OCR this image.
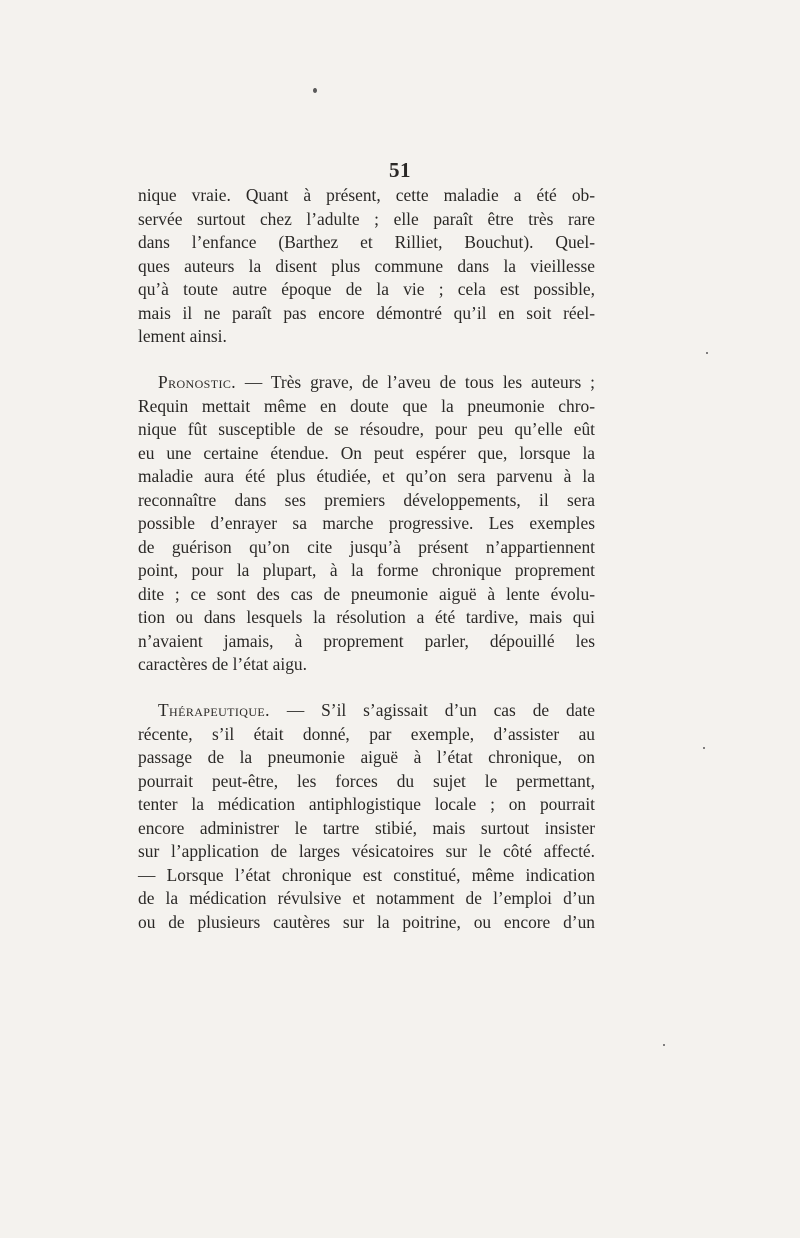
51
nique vraie. Quant à présent, cette maladie a été ob-
servée surtout chez l’adulte ; elle paraît être très rare
dans l’enfance (Barthez et Rilliet, Bouchut). Quel-
ques auteurs la disent plus commune dans la vieillesse
qu’à toute autre époque de la vie ; cela est possible,
mais il ne paraît pas encore démontré qu’il en soit réel-
lement ainsi.
Pronostic. — Très grave, de l’aveu de tous les auteurs ;
Requin mettait même en doute que la pneumonie chro-
nique fût susceptible de se résoudre, pour peu qu’elle eût
eu une certaine étendue. On peut espérer que, lorsque la
maladie aura été plus étudiée, et qu’on sera parvenu à la
reconnaître dans ses premiers développements, il sera
possible d’enrayer sa marche progressive. Les exemples
de guérison qu’on cite jusqu’à présent n’appartiennent
point, pour la plupart, à la forme chronique proprement
dite ; ce sont des cas de pneumonie aiguë à lente évolu-
tion ou dans lesquels la résolution a été tardive, mais qui
n’avaient jamais, à proprement parler, dépouillé les
caractères de l’état aigu.
Thérapeutique. — S’il s’agissait d’un cas de date
récente, s’il était donné, par exemple, d’assister au
passage de la pneumonie aiguë à l’état chronique, on
pourrait peut-être, les forces du sujet le permettant,
tenter la médication antiphlogistique locale ; on pourrait
encore administrer le tartre stibié, mais surtout insister
sur l’application de larges vésicatoires sur le côté affecté.
— Lorsque l’état chronique est constitué, même indication
de la médication révulsive et notamment de l’emploi d’un
ou de plusieurs cautères sur la poitrine, ou encore d’un
